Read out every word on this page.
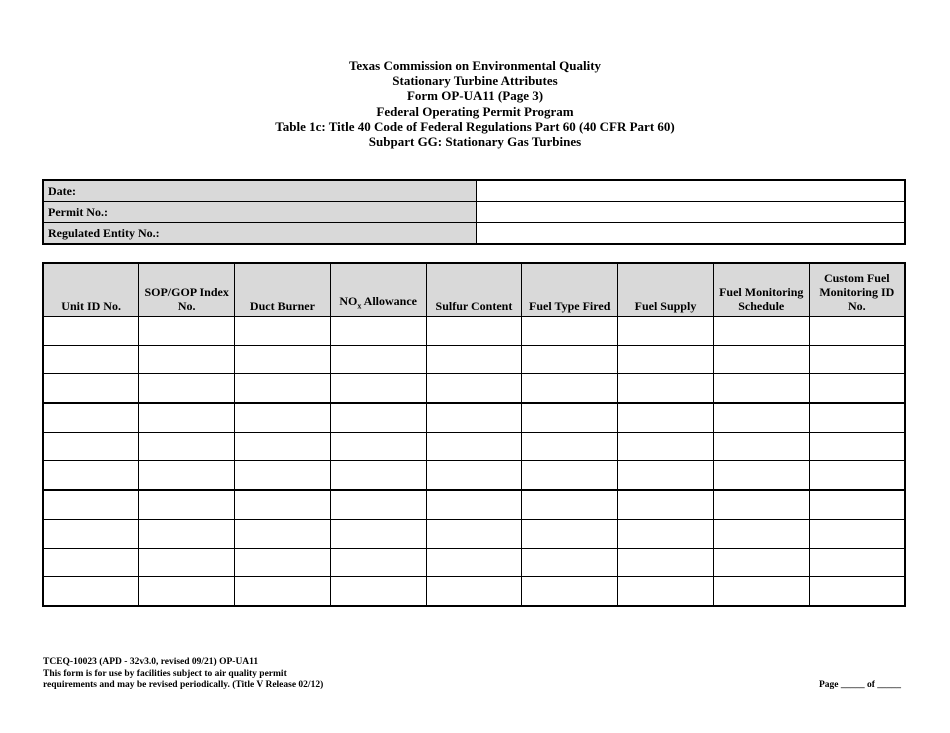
Texas Commission on Environmental Quality
Stationary Turbine Attributes
Form OP-UA11 (Page 3)
Federal Operating Permit Program
Table 1c: Title 40 Code of Federal Regulations Part 60 (40 CFR Part 60)
Subpart GG: Stationary Gas Turbines
Date:	
Permit No.:	
Regulated Entity No.:	
Unit ID No.	SOP/GOP Index No.	Duct Burner	$NO_x$ Allowance	Sulfur Content	Fuel Type Fired	Fuel Supply	Fuel Monitoring Schedule	Custom Fuel Monitoring ID No.

TCEQ-10023 (APD - 32v3.0, revised 09/21) OP-UA11
This form is for use by facilities subject to air quality permit
requirements and may be revised periodically. (Title V Release 02/12)	Page _____ of _____
